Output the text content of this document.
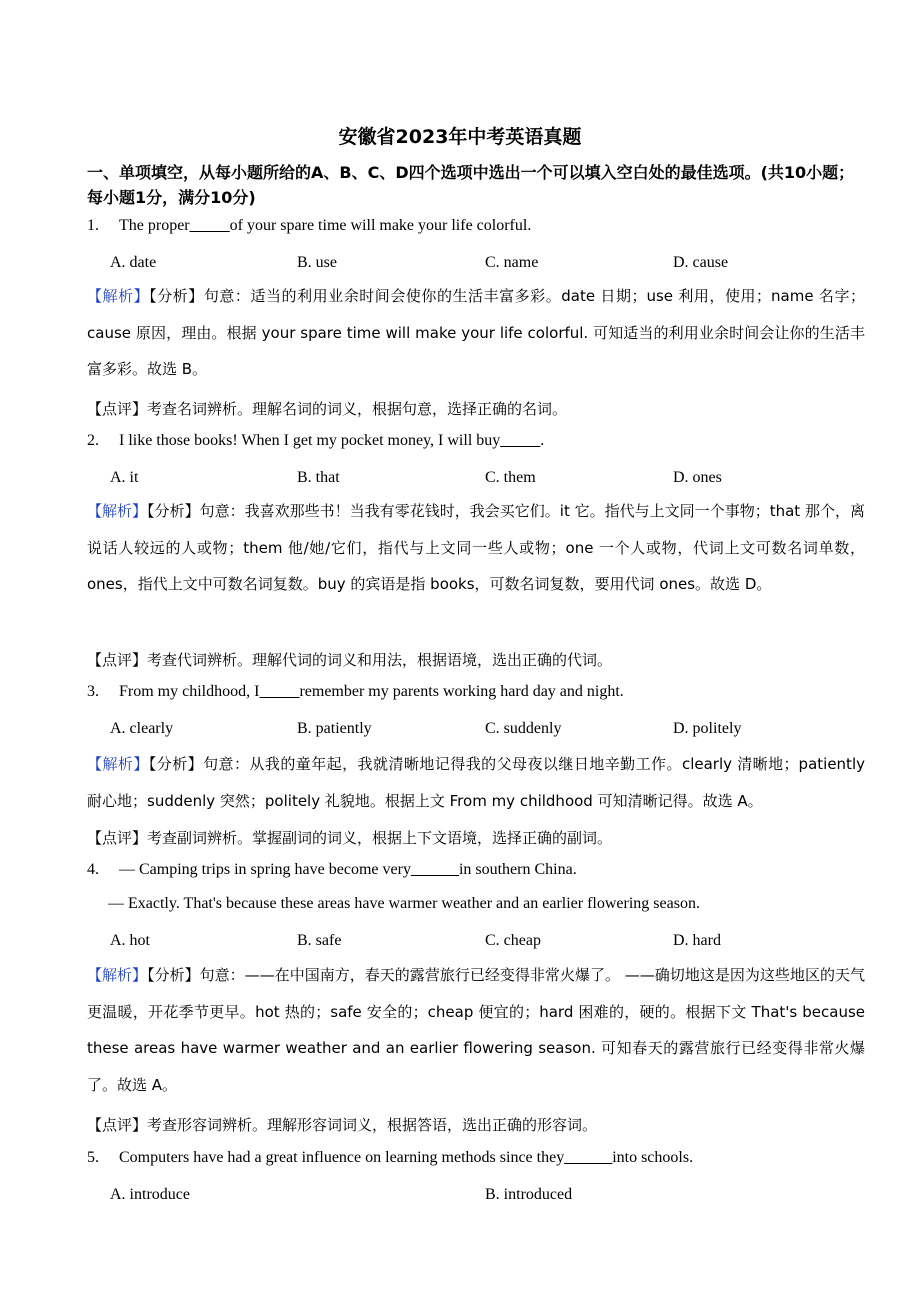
安徽省2023年中考英语真题
一、单项填空，从每小题所给的A、B、C、D四个选项中选出一个可以填入空白处的最佳选项。(共10小题；每小题1分，满分10分)
1. The proper_____of your spare time will make your life colorful.
A. date	B. use	C. name	D. cause
【解析】【分析】句意：适当的利用业余时间会使你的生活丰富多彩。date 日期；use 利用，使用；name 名字；cause 原因，理由。根据 your spare time will make your life colorful. 可知适当的利用业余时间会让你的生活丰富多彩。故选 B。
【点评】考查名词辨析。理解名词的词义，根据句意，选择正确的名词。
2. I like those books! When I get my pocket money, I will buy_____.
A. it	B. that	C. them	D. ones
【解析】【分析】句意：我喜欢那些书！当我有零花钱时，我会买它们。it 它。指代与上文同一个事物；that 那个，离说话人较远的人或物；them 他/她/它们，指代与上文同一些人或物；one 一个人或物，代词上文可数名词单数，ones，指代上文中可数名词复数。buy 的宾语是指 books，可数名词复数，要用代词 ones。故选 D。
【点评】考查代词辨析。理解代词的词义和用法，根据语境，选出正确的代词。
3. From my childhood, I_____remember my parents working hard day and night.
A. clearly	B. patiently	C. suddenly	D. politely
【解析】【分析】句意：从我的童年起，我就清晰地记得我的父母夜以继日地辛勤工作。clearly 清晰地；patiently 耐心地；suddenly 突然；politely 礼貌地。根据上文 From my childhood 可知清晰记得。故选 A。
【点评】考查副词辨析。掌握副词的词义，根据上下文语境，选择正确的副词。
4. — Camping trips in spring have become very______in southern China.
— Exactly. That's because these areas have warmer weather and an earlier flowering season.
A. hot	B. safe	C. cheap	D. hard
【解析】【分析】句意：——在中国南方，春天的露营旅行已经变得非常火爆了。 ——确切地这是因为这些地区的天气更温暖，开花季节更早。hot 热的；safe 安全的；cheap 便宜的；hard 困难的，硬的。根据下文 That's because these areas have warmer weather and an earlier flowering season. 可知春天的露营旅行已经变得非常火爆了。故选 A。
【点评】考查形容词辨析。理解形容词词义，根据答语，选出正确的形容词。
5. Computers have had a great influence on learning methods since they______into schools.
A. introduce	B. introduced
